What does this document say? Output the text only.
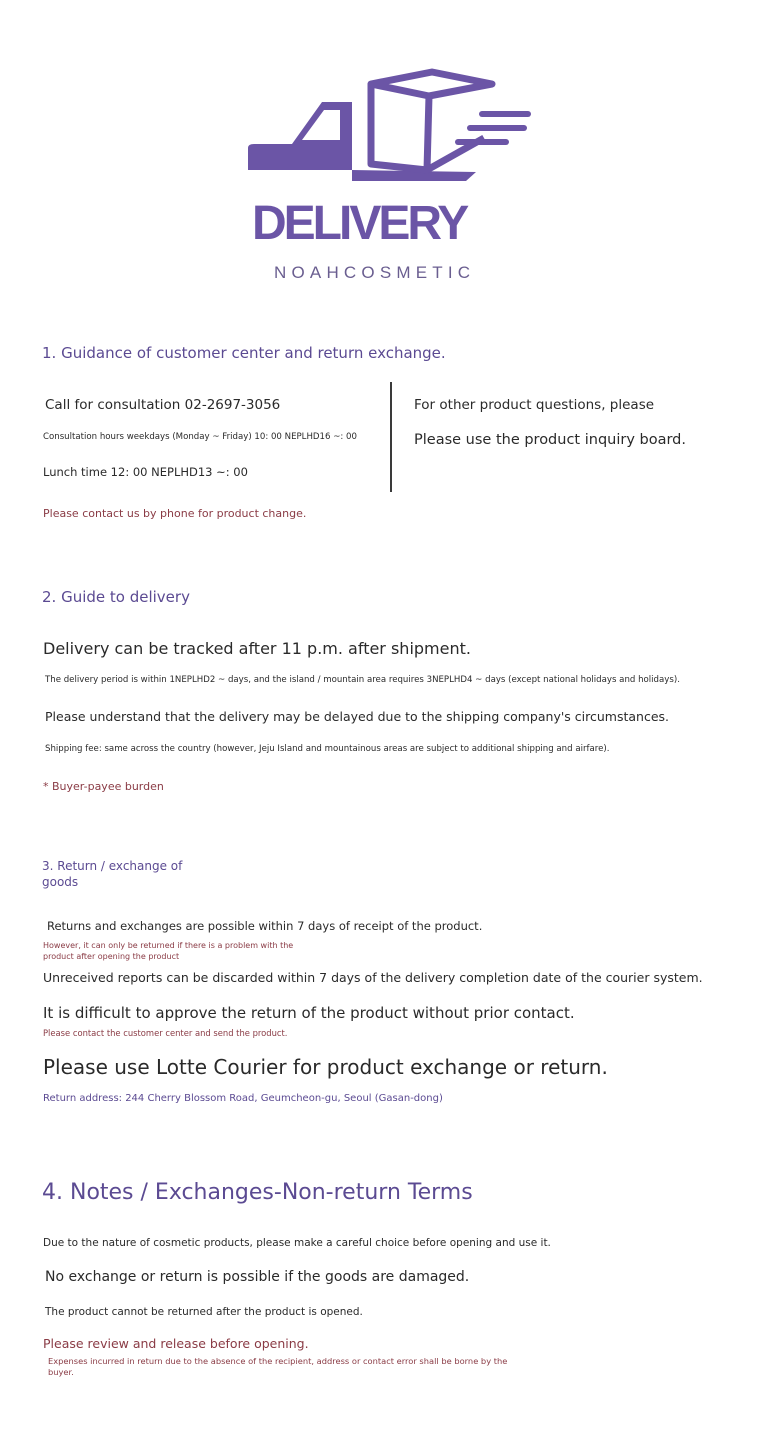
DELIVERY
NOAHCOSMETIC
1. Guidance of customer center and return exchange.
Call for consultation 02-2697-3056
Consultation hours weekdays (Monday ~ Friday) 10: 00 NEPLHD16 ~: 00
Lunch time 12: 00 NEPLHD13 ~: 00
Please contact us by phone for product change.
For other product questions, please
Please use the product inquiry board.
2. Guide to delivery
Delivery can be tracked after 11 p.m. after shipment.
The delivery period is within 1NEPLHD2 ~ days, and the island / mountain area requires 3NEPLHD4 ~ days (except national holidays and holidays).
Please understand that the delivery may be delayed due to the shipping company's circumstances.
Shipping fee: same across the country (however, Jeju Island and mountainous areas are subject to additional shipping and airfare).
* Buyer-payee burden
3. Return / exchange of goods
Returns and exchanges are possible within 7 days of receipt of the product.
However, it can only be returned if there is a problem with the product after opening the product
Unreceived reports can be discarded within 7 days of the delivery completion date of the courier system.
It is difficult to approve the return of the product without prior contact.
Please contact the customer center and send the product.
Please use Lotte Courier for product exchange or return.
Return address: 244 Cherry Blossom Road, Geumcheon-gu, Seoul (Gasan-dong)
4. Notes / Exchanges-Non-return Terms
Due to the nature of cosmetic products, please make a careful choice before opening and use it.
No exchange or return is possible if the goods are damaged.
The product cannot be returned after the product is opened.
Please review and release before opening.
Expenses incurred in return due to the absence of the recipient, address or contact error shall be borne by the buyer.
